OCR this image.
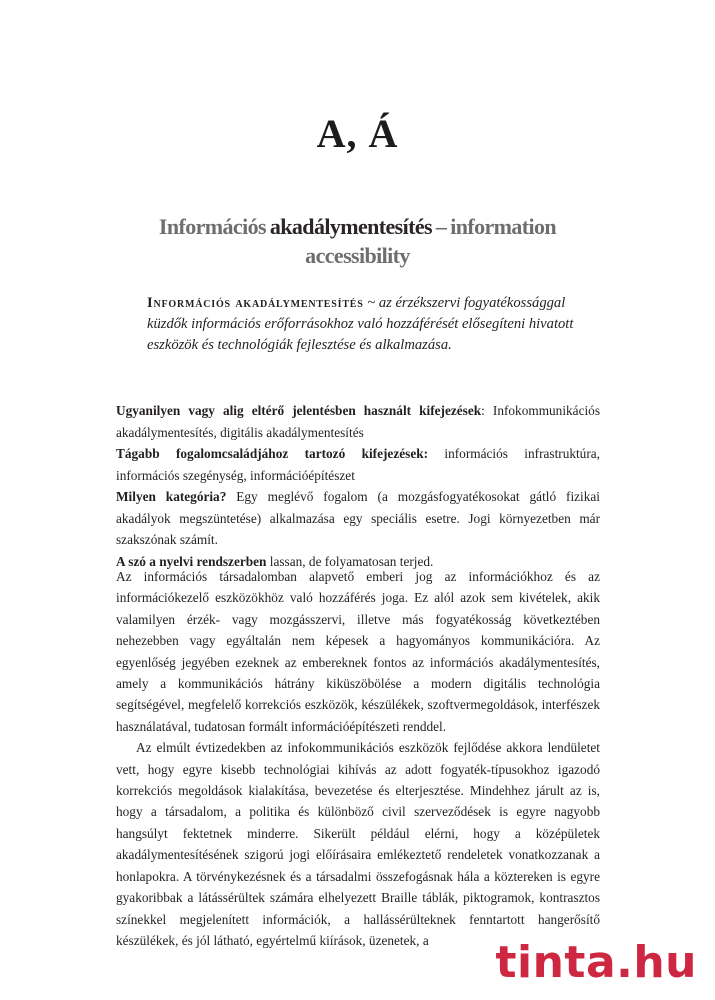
A, Á
Információs akadálymentesítés – information accessibility
Információs akadálymentesítés ~ az érzékszervi fogyatékossággal küzdők információs erőforrásokhoz való hozzáférését elősegíteni hivatott eszközök és technológiák fejlesztése és alkalmazása.

Ugyanilyen vagy alig eltérő jelentésben használt kifejezések: Infokommunikációs akadálymentesítés, digitális akadálymentesítés

Tágabb fogalomcsaládjához tartozó kifejezések: információs infrastruktúra, információs szegénység, információépítészet

Milyen kategória? Egy meglévő fogalom (a mozgásfogyatékosokat gátló fizikai akadályok megszüntetése) alkalmazása egy speciális esetre. Jogi környezetben már szakszónak számít.

A szó a nyelvi rendszerben lassan, de folyamatosan terjed.

Az információs társadalomban alapvető emberi jog az információkhoz és az információkezelő eszközökhöz való hozzáférés joga. Ez alól azok sem kivételek, akik valamilyen érzék- vagy mozgásszervi, illetve más fogyatékosság következtében nehezebben vagy egyáltalán nem képesek a hagyományos kommunikációra. Az egyenlőség jegyében ezeknek az embereknek fontos az információs akadálymentesítés, amely a kommunikációs hátrány kiküszöbölése a modern digitális technológia segítségével, megfelelő korrekciós eszközök, készülékek, szoftvermegoldások, interfészek használatával, tudatosan formált információépítészeti renddel.

Az elmúlt évtizedekben az infokommunikációs eszközök fejlődése akkora lendületet vett, hogy egyre kisebb technológiai kihívás az adott fogyaték-típusokhoz igazodó korrekciós megoldások kialakítása, bevezetése és elterjesztése. Mindehhez járult az is, hogy a társadalom, a politika és különböző civil szerveződések is egyre nagyobb hangsúlyt fektetnek minderre. Sikerült például elérni, hogy a középületek akadálymentesítésének szigorú jogi előírásaira emlékeztető rendeletek vonatkozzanak a honlapokra. A törvénykezésnek és a társadalmi összefogásnak hála a köztereken is egyre gyakoribbak a látássérültek számára elhelyezett Braille táblák, piktogramok, kontrasztos színekkel megjelenített információk, a hallássérülteknek fenntartott hangerősítő készülékek, és jól látható, egyértelmű kiírások, üzenetek, a	tinta.hu
